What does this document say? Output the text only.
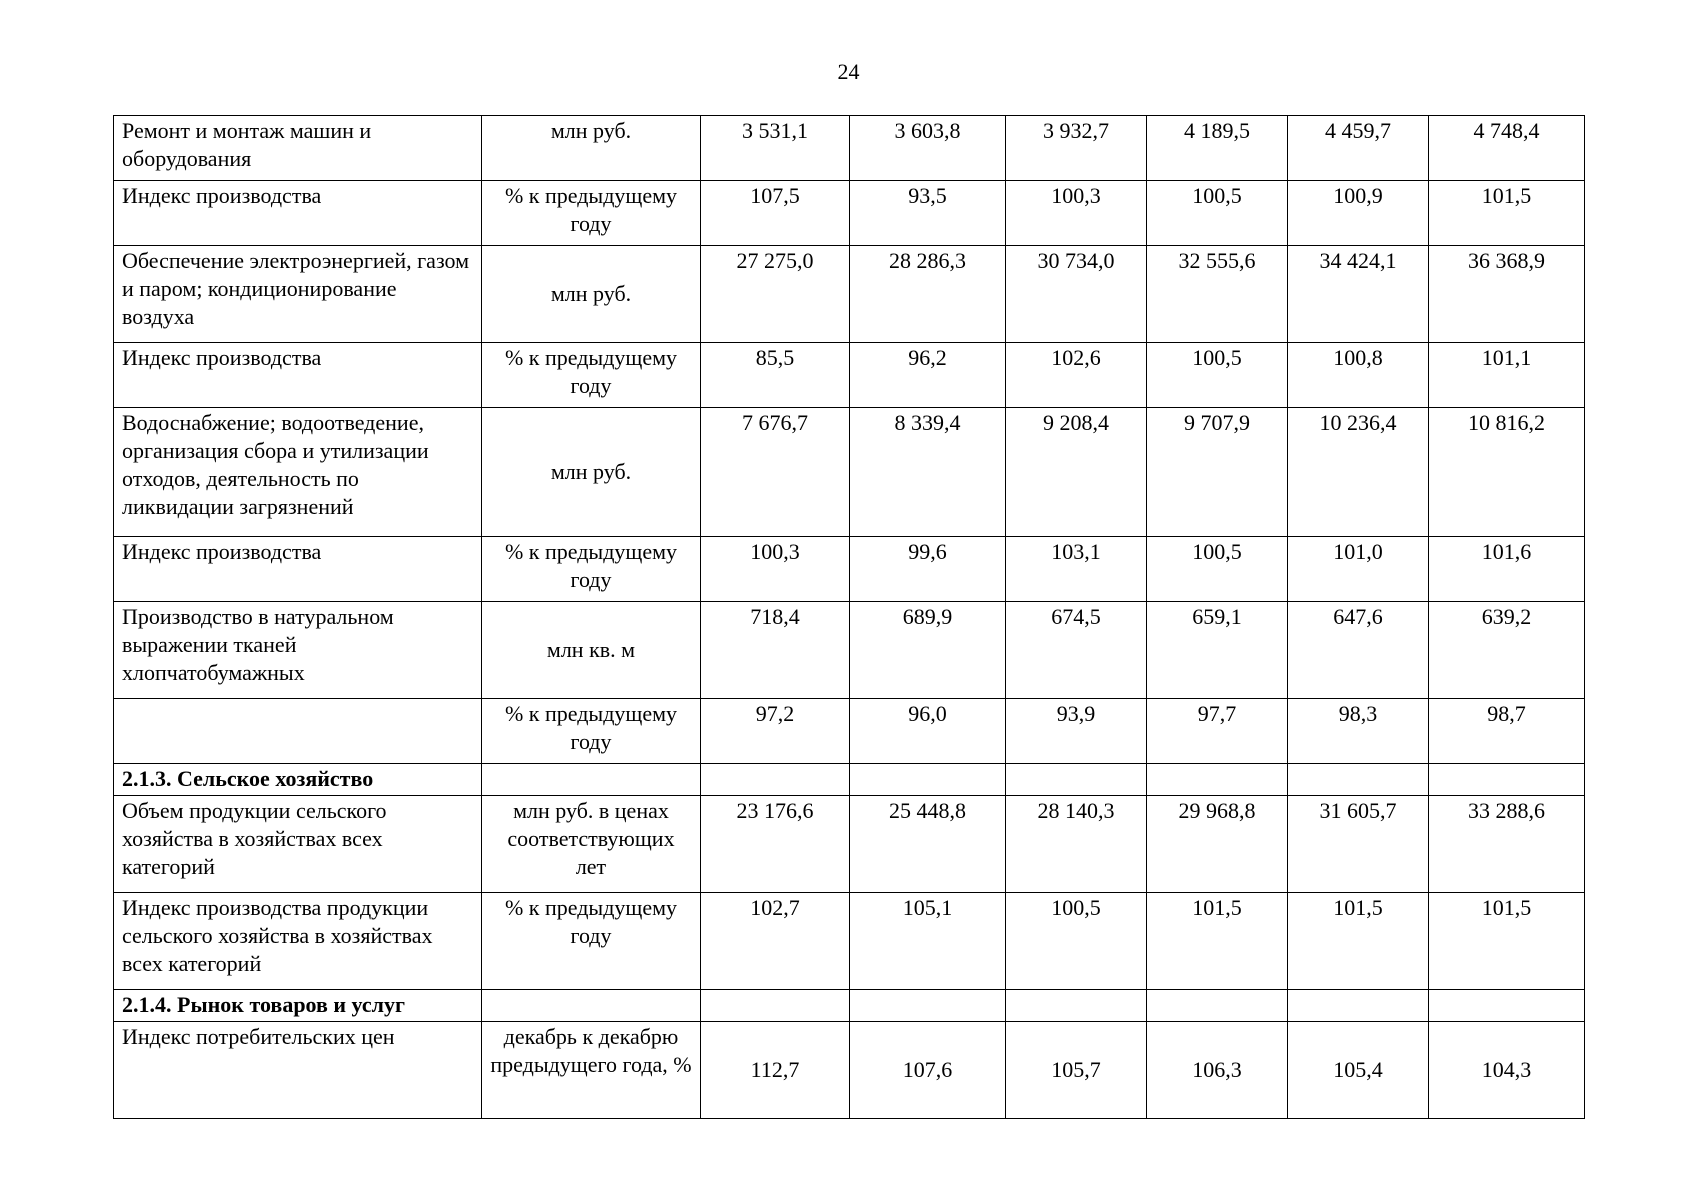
24
Ремонт и монтаж машин и оборудования	млн руб.	3 531,1	3 603,8	3 932,7	4 189,5	4 459,7	4 748,4
Индекс производства	% к предыдущему году	107,5	93,5	100,3	100,5	100,9	101,5
Обеспечение электроэнергией, газом и паром; кондиционирование воздуха	млн руб.	27 275,0	28 286,3	30 734,0	32 555,6	34 424,1	36 368,9
Индекс производства	% к предыдущему году	85,5	96,2	102,6	100,5	100,8	101,1
Водоснабжение; водоотведение, организация сбора и утилизации отходов, деятельность по ликвидации загрязнений	млн руб.	7 676,7	8 339,4	9 208,4	9 707,9	10 236,4	10 816,2
Индекс производства	% к предыдущему году	100,3	99,6	103,1	100,5	101,0	101,6
Производство в натуральном выражении тканей хлопчатобумажных	млн кв. м	718,4	689,9	674,5	659,1	647,6	639,2
	% к предыдущему году	97,2	96,0	93,9	97,7	98,3	98,7
2.1.3. Сельское хозяйство							
Объем продукции сельского хозяйства в хозяйствах всех категорий	млн руб. в ценах соответствующих лет	23 176,6	25 448,8	28 140,3	29 968,8	31 605,7	33 288,6
Индекс производства продукции сельского хозяйства в хозяйствах всех категорий	% к предыдущему году	102,7	105,1	100,5	101,5	101,5	101,5
2.1.4. Рынок товаров и услуг							
Индекс потребительских цен	декабрь к декабрю предыдущего года, %	112,7	107,6	105,7	106,3	105,4	104,3
